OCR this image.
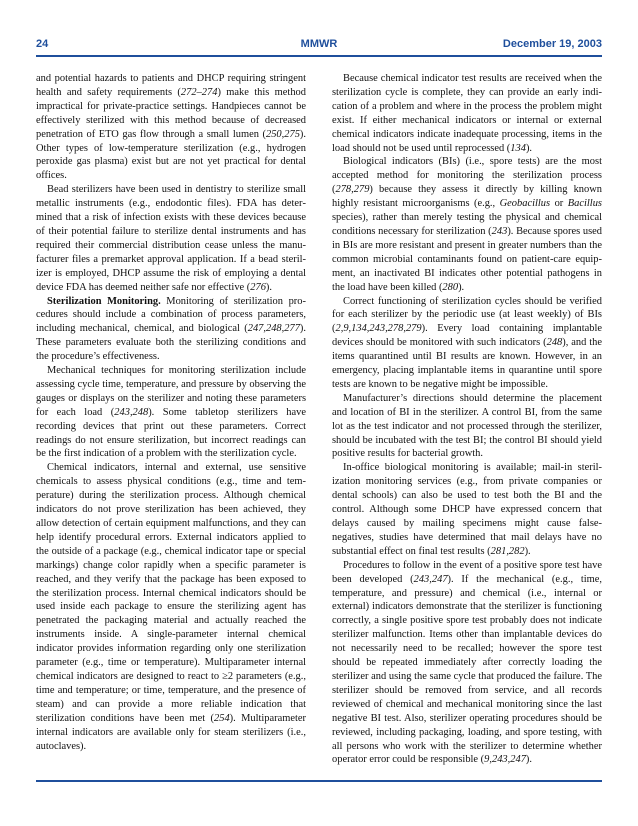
24	MMWR	December 19, 2003

and potential hazards to patients and DHCP requiring stringent health and safety requirements (272–274) make this method impractical for private-practice settings. Handpieces cannot be effectively sterilized with this method because of decreased penetration of ETO gas flow through a small lumen (250,275). Other types of low-temperature sterilization (e.g., hydrogen peroxide gas plasma) exist but are not yet practical for dental offices.

Bead sterilizers have been used in dentistry to sterilize small metallic instruments (e.g., endodontic files). FDA has determined that a risk of infection exists with these devices because of their potential failure to sterilize dental instruments and has required their commercial distribution cease unless the manufacturer files a premarket approval application. If a bead sterilizer is employed, DHCP assume the risk of employing a dental device FDA has deemed neither safe nor effective (276).

Sterilization Monitoring. Monitoring of sterilization procedures should include a combination of process parameters, including mechanical, chemical, and biological (247,248,277). These parameters evaluate both the sterilizing conditions and the procedure’s effectiveness.

Mechanical techniques for monitoring sterilization include assessing cycle time, temperature, and pressure by observing the gauges or displays on the sterilizer and noting these parameters for each load (243,248). Some tabletop sterilizers have recording devices that print out these parameters. Correct readings do not ensure sterilization, but incorrect readings can be the first indication of a problem with the sterilization cycle.

Chemical indicators, internal and external, use sensitive chemicals to assess physical conditions (e.g., time and temperature) during the sterilization process. Although chemical indicators do not prove sterilization has been achieved, they allow detection of certain equipment malfunctions, and they can help identify procedural errors. External indicators applied to the outside of a package (e.g., chemical indicator tape or special markings) change color rapidly when a specific parameter is reached, and they verify that the package has been exposed to the sterilization process. Internal chemical indicators should be used inside each package to ensure the sterilizing agent has penetrated the packaging material and actually reached the instruments inside. A single-parameter internal chemical indicator provides information regarding only one sterilization parameter (e.g., time or temperature). Multiparameter internal chemical indicators are designed to react to ≥2 parameters (e.g., time and temperature; or time, temperature, and the presence of steam) and can provide a more reliable indication that sterilization conditions have been met (254). Multiparameter internal indicators are available only for steam sterilizers (i.e., autoclaves).

Because chemical indicator test results are received when the sterilization cycle is complete, they can provide an early indication of a problem and where in the process the problem might exist. If either mechanical indicators or internal or external chemical indicators indicate inadequate processing, items in the load should not be used until reprocessed (134).

Biological indicators (BIs) (i.e., spore tests) are the most accepted method for monitoring the sterilization process (278,279) because they assess it directly by killing known highly resistant microorganisms (e.g., Geobacillus or Bacillus species), rather than merely testing the physical and chemical conditions necessary for sterilization (243). Because spores used in BIs are more resistant and present in greater numbers than the common microbial contaminants found on patient-care equipment, an inactivated BI indicates other potential pathogens in the load have been killed (280).

Correct functioning of sterilization cycles should be verified for each sterilizer by the periodic use (at least weekly) of BIs (2,9,134,243,278,279). Every load containing implantable devices should be monitored with such indicators (248), and the items quarantined until BI results are known. However, in an emergency, placing implantable items in quarantine until spore tests are known to be negative might be impossible.

Manufacturer’s directions should determine the placement and location of BI in the sterilizer. A control BI, from the same lot as the test indicator and not processed through the sterilizer, should be incubated with the test BI; the control BI should yield positive results for bacterial growth.

In-office biological monitoring is available; mail-in sterilization monitoring services (e.g., from private companies or dental schools) can also be used to test both the BI and the control. Although some DHCP have expressed concern that delays caused by mailing specimens might cause false-negatives, studies have determined that mail delays have no substantial effect on final test results (281,282).

Procedures to follow in the event of a positive spore test have been developed (243,247). If the mechanical (e.g., time, temperature, and pressure) and chemical (i.e., internal or external) indicators demonstrate that the sterilizer is functioning correctly, a single positive spore test probably does not indicate sterilizer malfunction. Items other than implantable devices do not necessarily need to be recalled; however the spore test should be repeated immediately after correctly loading the sterilizer and using the same cycle that produced the failure. The sterilizer should be removed from service, and all records reviewed of chemical and mechanical monitoring since the last negative BI test. Also, sterilizer operating procedures should be reviewed, including packaging, loading, and spore testing, with all persons who work with the sterilizer to determine whether operator error could be responsible (9,243,247).
